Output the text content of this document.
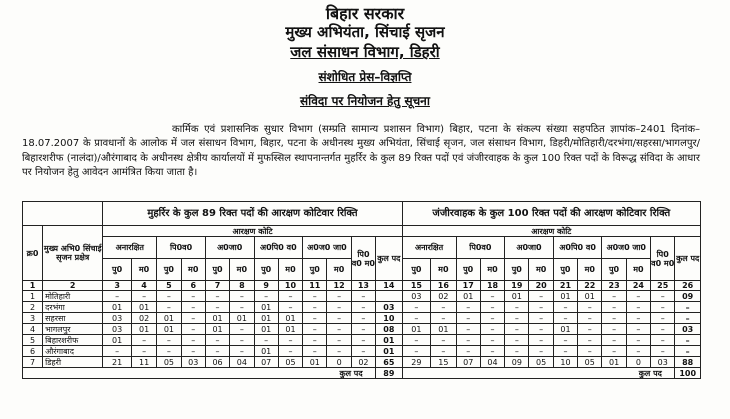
बिहार सरकार
मुख्य अभियंता, सिंचाई सृजन
जल संसाधन विभाग, डिहरी
संशोधित प्रेस–विज्ञप्ति
संविदा पर नियोजन हेतु सूचना
कार्मिक एवं प्रशासनिक सुधार विभाग (सम्प्रति सामान्य प्रशासन विभाग) बिहार, पटना के संकल्प संख्या सहपठित ज्ञापांक–2401 दिनांक–18.07.2007 के प्रावधानों के आलोक में जल संसाधन विभाग, बिहार, पटना के अधीनस्थ मुख्य अभियंता, सिंचाई सृजन, जल संसाधन विभाग, डिहरी/मोतिहारी/दरभंगा/सहरसा/भागलपुर/बिहारशरीफ (नालंदा)/औरंगाबाद के अधीनस्थ क्षेत्रीय कार्यालयों में मुफस्सिल स्थापनान्तर्गत मुहर्रिर के कुल 89 रिक्त पदों एवं जंजीरवाहक के कुल 100 रिक्त पदों के विरूद्ध संविदा के आधार पर नियोजन हेतु आवेदन आमंत्रित किया जाता है।
		मुहर्रिर के कुल 89 रिक्त पदों की आरक्षण कोटिवार रिक्ति												जंजीरवाहक के कुल 100 रिक्त पदों की आरक्षण कोटिवार रिक्ति											
क्र0	मुख्य अभि0 सिंचाई सृजन प्रक्षेत्र	आरक्षण कोटि												आरक्षण कोटि											
		अनारक्षित		पि0व0		अ0जा0		अ0पि0 व0		अ0ज0 जा0		पि0 व0 म0	कुल पद	अनारक्षित		पि0व0		अ0जा0		अ0पि0 व0		अ0ज0 जा0		पि0 व0 म0	कुल पद
		पु0	म0	पु0	म0	पु0	म0	पु0	म0	पु0	म0			पु0	म0	पु0	म0	पु0	म0	पु0	म0	पु0	म0		
1	2	3	4	5	6	7	8	9	10	11	12	13	14	15	16	17	18	19	20	21	22	23	24	25	26
1	मोतिहारी	–	–	–	–	–	–	–	–	–	–	–		03	02	01	–	01	–	01	01	–	–	–	09
2	दरभंगा	01	01	–	–	–	–	01	–	–	–	–	03	–	–	–	–	–	–	–	–	–	–	–	–
3	सहरसा	03	02	01	–	01	01	01	01	–	–	–	10	–	–	–	–	–	–	–	–	–	–	–	–
4	भागलपुर	03	01	01	–	01	–	01	01	–	–	–	08	01	01	–	–	–	–	01	–	–	–	–	03
5	बिहारशरीफ	01	–	–	–	–	–	–	–	–	–	–	01	–	–	–	–	–	–	–	–	–	–	–	–
6	औरंगाबाद	–	–	–	–	–	–	01	–	–	–	–	01	–	–	–	–	–	–	–	–	–	–	–	–
7	डिहरी	21	11	05	03	06	04	07	05	01	0	02	65	29	15	07	04	09	05	10	05	01	0	03	88
											कुल पद		89										कुल पद		100
